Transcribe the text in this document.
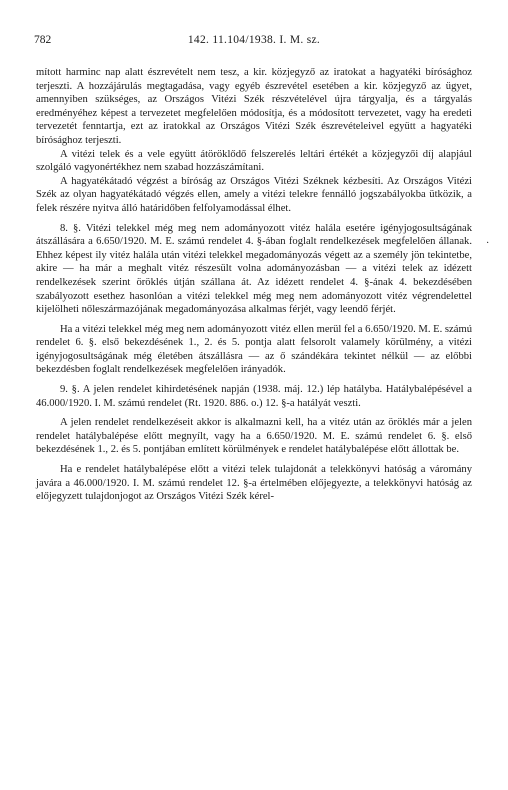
782	142. 11.104/1938. I. M. sz.

mított harminc nap alatt észrevételt nem tesz, a kir. közjegyző az iratokat a hagyatéki bírósághoz terjeszti. A hozzájárulás megtagadása, vagy egyéb észrevétel esetében a kir. közjegyző az ügyet, amennyiben szükséges, az Országos Vitézi Szék részvételével újra tárgyalja, és a tárgyalás eredményéhez képest a tervezetet megfelelően módosítja, és a módosított tervezetet, vagy ha eredeti tervezetét fenntartja, ezt az iratokkal az Országos Vitézi Szék észrevételeivel együtt a hagyatéki bírósághoz terjeszti.

A vitézi telek és a vele együtt átöröklődő felszerelés leltári értékét a közjegyzői díj alapjául szolgáló vagyonértékhez nem szabad hozzászámítani.

A hagyatékátadó végzést a bíróság az Országos Vitézi Széknek kézbesíti. Az Országos Vitézi Szék az olyan hagyatékátadó végzés ellen, amely a vitézi telekre fennálló jogszabályokba ütközik, a felek részére nyitva álló határidőben felfolyamodással élhet.

8. §. Vitézi telekkel még meg nem adományozott vitéz halála esetére igényjogosultságának átszállására a 6.650/1920. M. E. számú rendelet 4. §-ában foglalt rendelkezések megfelelően állanak. Ehhez képest ily vitéz halála után vitézi telekkel megadományozás végett az a személy jön tekintetbe, akire — ha már a meghalt vitéz részesült volna adományozásban — a vitézi telek az idézett rendelkezések szerint öröklés útján szállana át. Az idézett rendelet 4. §-ának 4. bekezdésében szabályozott esethez hasonlóan a vitézi telekkel még meg nem adományozott vitéz végrendelettel kijelölheti nőleszármazójának megadományozása alkalmas férjét, vagy leendő férjét.

Ha a vitézi telekkel még meg nem adományozott vitéz ellen merül fel a 6.650/1920. M. E. számú rendelet 6. §. első bekezdésének 1., 2. és 5. pontja alatt felsorolt valamely körülmény, a vitézi igényjogosultságának még életében átszállásra — az ő szándékára tekintet nélkül — az előbbi bekezdésben foglalt rendelkezések megfelelően irányadók.

9. §. A jelen rendelet kihirdetésének napján (1938. máj. 12.) lép hatályba. Hatálybalépésével a 46.000/1920. I. M. számú rendelet (Rt. 1920. 886. o.) 12. §-a hatályát veszti.

A jelen rendelet rendelkezéseit akkor is alkalmazni kell, ha a vitéz után az öröklés már a jelen rendelet hatálybalépése előtt megnyílt, vagy ha a 6.650/1920. M. E. számú rendelet 6. §. első bekezdésének 1., 2. és 5. pontjában említett körülmények e rendelet hatálybalépése előtt állottak be.

Ha e rendelet hatálybalépése előtt a vitézi telek tulajdonát a telekkönyvi hatóság a váromány javára a 46.000/1920. I. M. számú rendelet 12. §-a értelmében előjegyezte, a telekkönyvi hatóság az előjegyzett tulajdonjogot az Országos Vitézi Szék kérel-

·
